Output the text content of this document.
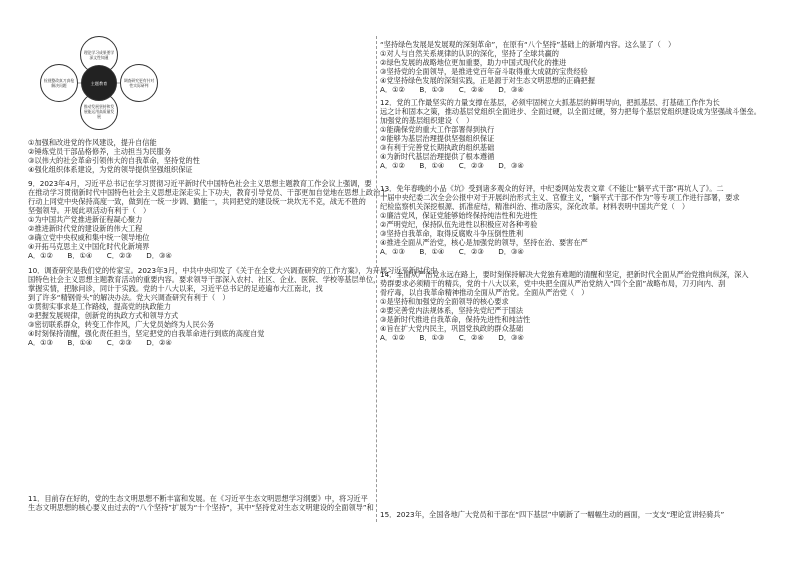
理论学习成果要学深文性知通
调查研究更有针对性实际研判
推动发展坚持和发展能运用高质量发展
检视整改真刀真枪解决问题	主题教育
①加强和改进党的作风建设，提升自信能
②锤炼党员干部品格修养，主动担当为民服务
③以伟大的社会革命引领伟大的自我革命，坚持党的性
④强化组织体系建设，为党的领导提供坚强组织保证
9．2023年4月，习近平总书记在学习贯彻习近平新时代中国特色社会主义思想主题教育工作会议上强调，要
在推动学习贯彻新时代中国特色社会主义思想走深走实上下功夫，教育引导党员、干部更加自觉地在思想上政治上
行动上同党中央保持高度一致，做到在一统一步调、勤能一，共同把党的建设统一块坎无不克，战无不胜的
坚强领导。开展此项活动有利于（　）
①为中国共产党推进新征程凝心聚力
②推进新时代党的建设新的伟大工程
③确立党中央权威和集中统一领导地位
④开拓马克思主义中国化时代化新境界
A．①②　　B．①④　　C．②③　　D．③④
10．调查研究是我们党的传家宝。2023年3月，中共中央印发了《关于在全党大兴调查研究的工作方案》，为开展习近平新时代中
国特色社会主义思想主题教育活动的重要内容。要求领导干部深入农村、社区、企业、医院、学校等基层单位，
掌握实情，把脉问诊，同计于实践。党的十八大以来，习近平总书记的足迹遍布大江南北，找
到了许多“精钢骨头”的解决办法。党大兴调查研究有利于（　）
①贯彻实事求是工作路线，提高党的执政能力
②把握发展规律，创新党的执政方式和领导方式
③密切联系群众，转变工作作风，广大党员始终为人民公务
④时刻保持清醒，强化责任担当，坚定把党的自我革命进行到底的高度自觉
A．①③　　B．①④　　C．②③　　D．②④
11．目前存在好的，党的生态文明思想不断丰富和发展。在《习近平生态文明思想学习纲要》中，将习近平
生态文明思想的核心要义由过去的“八个坚持”扩展为“十个坚持”，其中“坚持党对生态文明建设的全面领导”和
“坚持绿色发展是发展观的深刻革命”，在原有“八个坚持”基础上的新增内容。这么显了（　）
①对人与自然关系规律的认识的深化，坚持了全球共赢的
②绿色发展的战略地位更加重要，助力中国式现代化的推进
③坚持党的全面领导，是推进党百年奋斗取得重大成就的宝贵经验
④党坚持绿色发展的深刻实践，正是源于对生态文明思想的正确把握
A．①②　　B．①③　　C．②④　　D．③④
12．党的工作最坚实的力量支撑在基层，必须牢固树立大抓基层的鲜明导向，把抓基层、打基础工作作为长
远之计和固本之策，推动基层党组织全面进步、全面过硬，以全面过硬，努力把每个基层党组织建设成为坚强战斗堡垒。
加强党的基层组织建设（　）
①能确保党的重大工作部署得到执行
②能够为基层治理提供坚强组织保证
③有利于完善党长期执政的组织基础
④为新时代基层治理提供了根本遵循
A．①②　　B．①④　　C．②③　　D．③④
13．免年春晚的小品《坑》受到诸多观众的好评，中纪委网站发表文章《不能让“躺平式干部”再坑人了》。二
十届中央纪委二次全会公报中对于开展纠治形式主义、官僚主义，“躺平式干部不作为”等专项工作进行部署，要求
纪检监察机关深挖根源、抓准症结，精准纠治、推动落实，深化改革。材料表明中国共产党（　）
①廉洁党风，保证党能够始终保持纯洁性和先进性
②严明党纪，保持队伍先进性以积极应对各种考验
③坚持自我革命，取得反腐败斗争压倒性胜利
④推进全面从严治党，核心是加强党的领导，坚持在治、要害在严
A．①③　　B．①④　　C．②③　　D．③④
14．全面从严治党永远在路上，要时刻保持解决大党独有难题的清醒和坚定，把新时代全面从严治党推向纵深，深入
势群要求必须精干的精兵，党的十八大以来，党中央把全面从严治党纳入“四个全面”战略布局，刀刃向内、刮
骨疗毒，以自我革命精神推动全面从严治党。全面从严治党（　）
①是坚持和加强党的全面领导的核心要求
②要完善党内法规体系，坚持先党纪严于国法
③是新时代推进自我革命，保持先进性和纯洁性
④旨在扩大党内民主，巩固党执政的群众基础
A．①②　　B．①③　　C．②④　　D．③④
15．2023年，全国各地广大党员和干部在“四下基层”中刷新了一幅幅生动的画面，一支支“理论宣讲轻骑兵”
